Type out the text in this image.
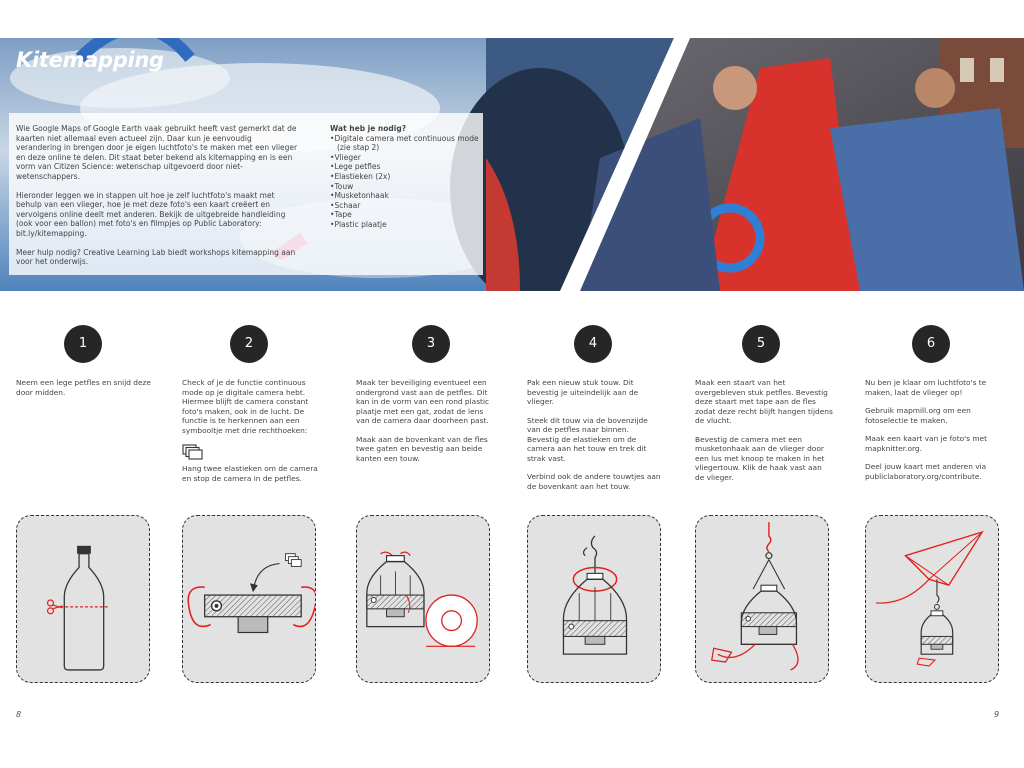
Kitemapping

Wie Google Maps of Google Earth vaak gebruikt heeft vast gemerkt dat de kaarten niet allemaal even actueel zijn. Daar kun je eenvoudig verandering in brengen door je eigen luchtfoto's te maken met een vlieger en deze online te delen. Dit staat beter bekend als kitemapping en is een vorm van Citizen Science: wetenschap uitgevoerd door niet-wetenschappers.

Hieronder leggen we in stappen uit hoe je zelf luchtfoto's maakt met behulp van een vlieger, hoe je met deze foto's een kaart creëert en vervolgens online deelt met anderen. Bekijk de uitgebreide handleiding (ook voor een ballon) met foto's en filmpjes op Public Laboratory: bit.ly/kitemapping.

Meer hulp nodig? Creative Learning Lab biedt workshops kitemapping aan voor het onderwijs.

Wat heb je nodig?

• Digitale camera met continuous mode (zie stap 2)
• Vlieger
• Lege petfles
• Elastieken (2x)
• Touw
• Musketonhaak
• Schaar
• Tape
• Plastic plaatje
1	2	3	4	5	6

Neem een lege petfles en snijd deze door midden.

Check of je de functie continuous mode op je digitale camera hebt. Hiermee blijft de camera constant foto's maken, ook in de lucht. De functie is te herkennen aan een symbooltje met drie rechthoeken:

Hang twee elastieken om de camera en stop de camera in de petfles.

Maak ter beveiliging eventueel een ondergrond vast aan de petfles. Dit kan in de vorm van een rond plastic plaatje met een gat, zodat de lens van de camera daar doorheen past.

Maak aan de bovenkant van de fles twee gaten en bevestig aan beide kanten een touw.

Pak een nieuw stuk touw. Dit bevestig je uiteindelijk aan de vlieger.

Steek dit touw via de bovenzijde van de petfles naar binnen. Bevestig de elastieken om de camera aan het touw en trek dit strak vast.

Verbind ook de andere touwtjes aan de bovenkant aan het touw.

Maak een staart van het overgebleven stuk petfles. Bevestig deze staart met tape aan de fles zodat deze recht blijft hangen tijdens de vlucht.

Bevestig de camera met een musketonhaak aan de vlieger door een lus met knoop te maken in het vliegertouw. Klik de haak vast aan de vlieger.

Nu ben je klaar om luchtfoto's te maken, laat de vlieger op!

Gebruik mapmill.org om een fotoselectie te maken.

Maak een kaart van je foto's met mapknitter.org.

Deel jouw kaart met anderen via publiclaboratory.org/contribute.

8	9
